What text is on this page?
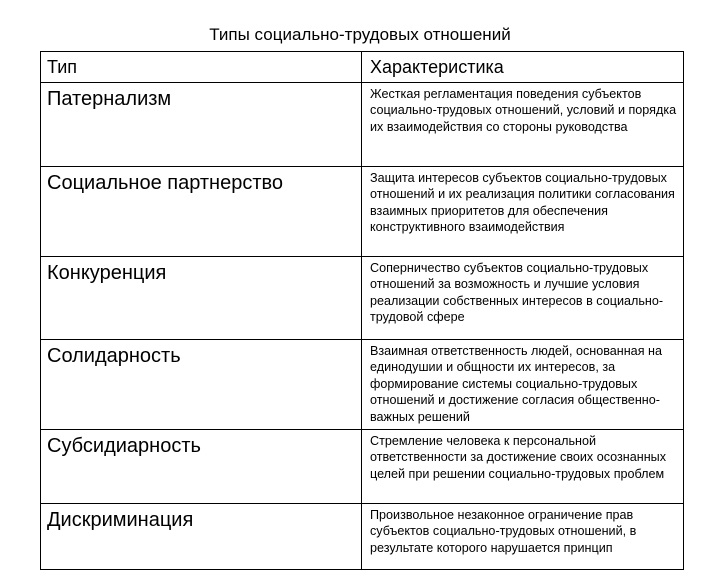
Типы социально-трудовых отношений
Тип	Характеристика
Патернализм	Жесткая регламентация поведения субъектов социально-трудовых отношений, условий и порядка их взаимодействия со стороны руководства
Социальное партнерство	Защита интересов субъектов социально-трудовых отношений и их реализация политики согласования взаимных приоритетов для обеспечения конструктивного взаимодействия
Конкуренция	Соперничество субъектов социально-трудовых отношений за возможность и лучшие условия реализации собственных интересов в социально-трудовой сфере
Солидарность	Взаимная ответственность людей, основанная на единодушии и общности их интересов, за формирование системы социально-трудовых отношений и достижение согласия общественно-важных решений
Субсидиарность	Стремление человека к персональной ответственности за достижение своих осознанных целей при решении социально-трудовых проблем
Дискриминация	Произвольное незаконное ограничение прав субъектов социально-трудовых отношений, в результате которого нарушается принцип
